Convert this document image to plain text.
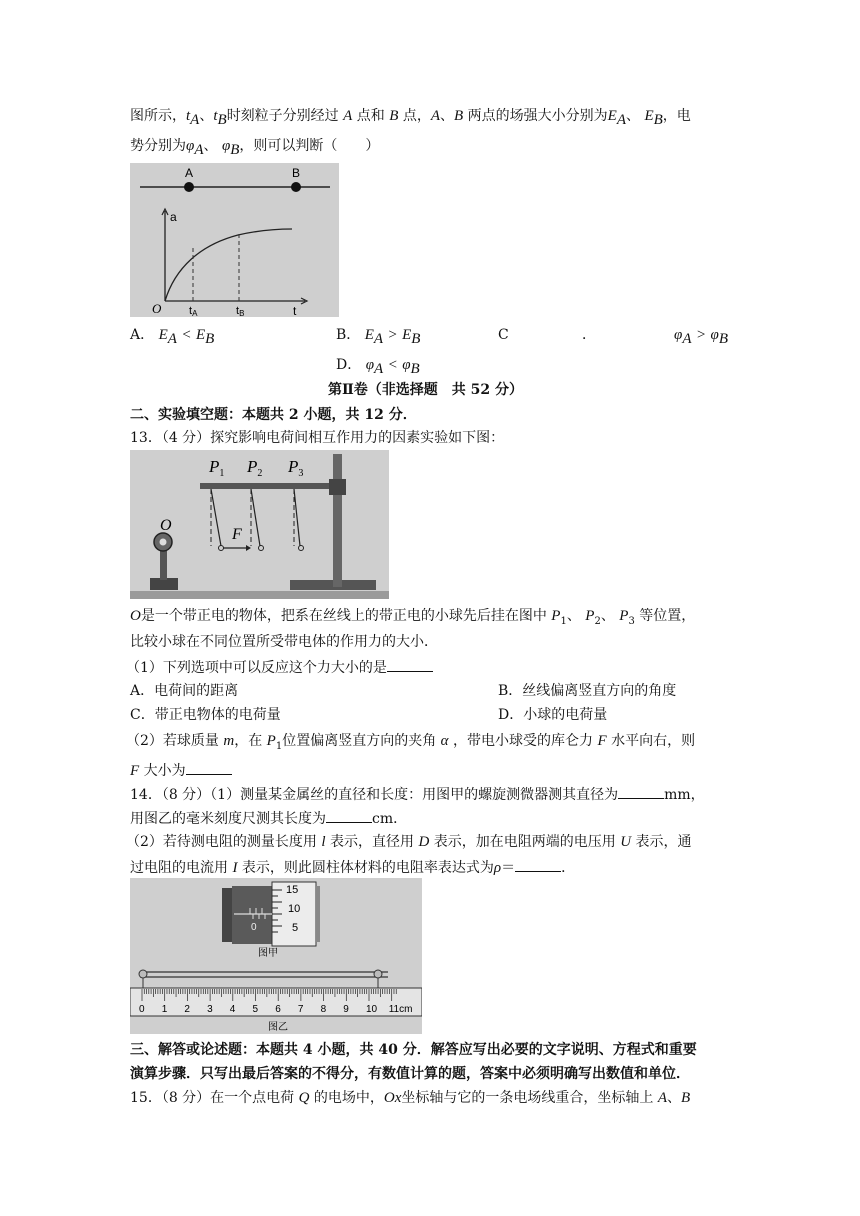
图所示，$t_A$、$t_B$时刻粒子分别经过 A 点和 B 点，A、B 两点的场强大小分别为$E_A$、 $E_B$，电
势分别为$\varphi_A$、 $\varphi_B$，则可以判断（　　）
A	B
a
t
O	tA	tB
A． $E_A < E_B$	B． $E_A > E_B$	C	．	$\varphi_A > \varphi_B$
D． $\varphi_A < \varphi_B$
第Ⅱ卷（非选择题　共 52 分）
二、实验填空题：本题共 2 小题，共 12 分．
13．（4 分）探究影响电荷间相互作用力的因素实验如下图：
O
$P_1$ $P_2$ $P_3$
F
O是一个带正电的物体，把系在丝线上的带正电的小球先后挂在图中 $P_1$、 $P_2$、 $P_3$ 等位置，
比较小球在不同位置所受带电体的作用力的大小．
（1）下列选项中可以反应这个力大小的是
A．电荷间的距离	B．丝线偏离竖直方向的角度
C．带正电物体的电荷量	D．小球的电荷量
（2）若球质量 m，在 $P_1$位置偏离竖直方向的夹角 α ，带电小球受的库仑力 F 水平向右，则
F 大小为
14．（8 分）（1）测量某金属丝的直径和长度：用图甲的螺旋测微器测其直径为	mm，
用图乙的毫米刻度尺测其长度为	cm．
（2）若待测电阻的测量长度用 l 表示，直径用 D 表示，加在电阻两端的电压用 U 表示，通
过电阻的电流用 I 表示，则此圆柱体材料的电阻率表达式为ρ＝	．
0
15
10
5
图甲
0 1 2 3 4 5 6 7 8 9 10 11cm
图乙
三、解答或论述题：本题共 4 小题，共 40 分．解答应写出必要的文字说明、方程式和重要
演算步骤．只写出最后答案的不得分，有数值计算的题，答案中必须明确写出数值和单位．
15．（8 分）在一个点电荷 Q 的电场中，Ox坐标轴与它的一条电场线重合，坐标轴上 A、B
